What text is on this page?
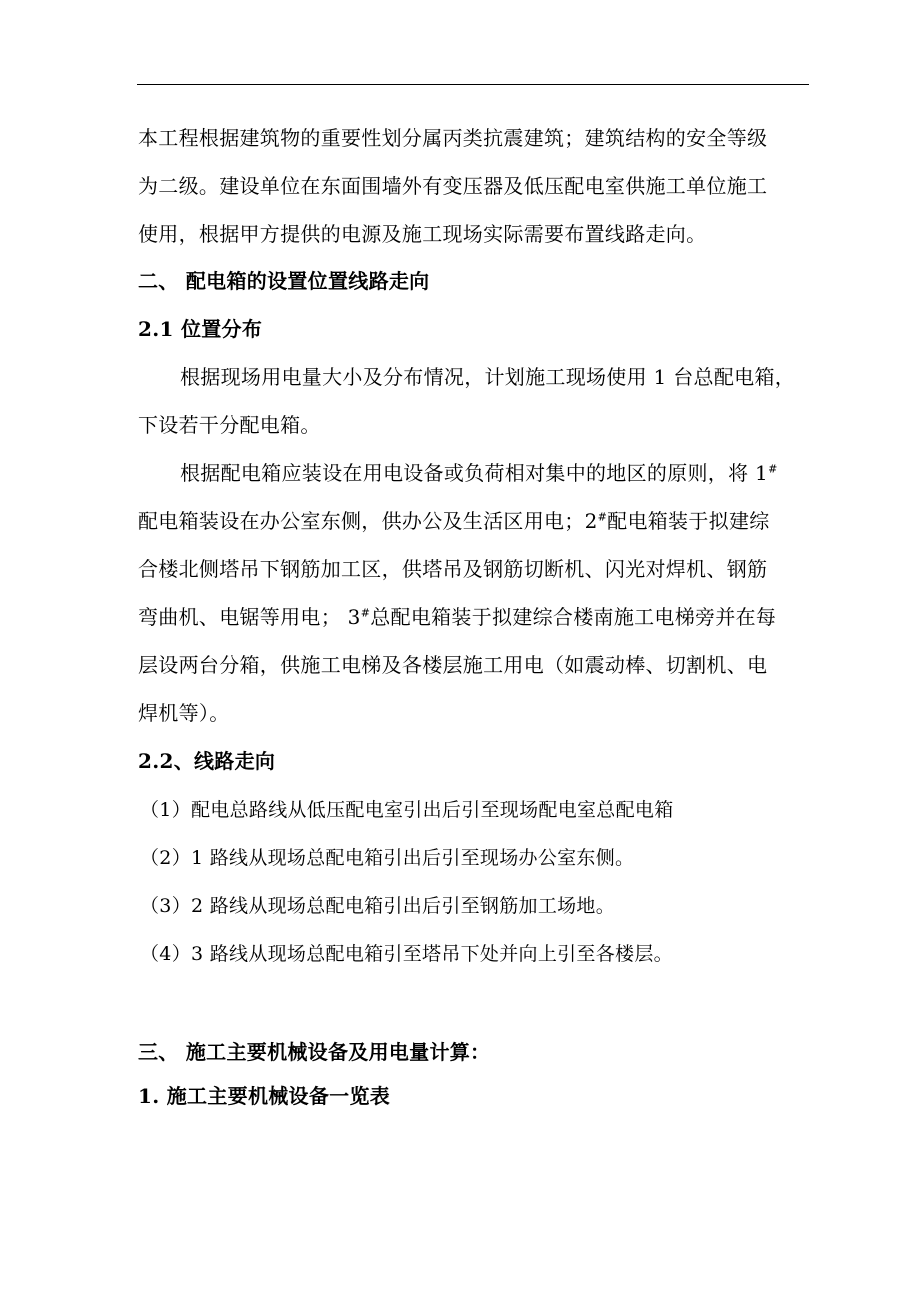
本工程根据建筑物的重要性划分属丙类抗震建筑；建筑结构的安全等级
为二级。建设单位在东面围墙外有变压器及低压配电室供施工单位施工
使用，根据甲方提供的电源及施工现场实际需要布置线路走向。
二、 配电箱的设置位置线路走向
2.1 位置分布
根据现场用电量大小及分布情况，计划施工现场使用 1 台总配电箱，
下设若干分配电箱。
根据配电箱应装设在用电设备或负荷相对集中的地区的原则，将 1#
配电箱装设在办公室东侧，供办公及生活区用电；2#配电箱装于拟建综
合楼北侧塔吊下钢筋加工区，供塔吊及钢筋切断机、闪光对焊机、钢筋
弯曲机、电锯等用电； 3#总配电箱装于拟建综合楼南施工电梯旁并在每
层设两台分箱，供施工电梯及各楼层施工用电（如震动棒、切割机、电
焊机等）。
2.2、线路走向
（1）配电总路线从低压配电室引出后引至现场配电室总配电箱
（2）1 路线从现场总配电箱引出后引至现场办公室东侧。
（3）2 路线从现场总配电箱引出后引至钢筋加工场地。
（4）3 路线从现场总配电箱引至塔吊下处并向上引至各楼层。
三、 施工主要机械设备及用电量计算：
1. 施工主要机械设备一览表
